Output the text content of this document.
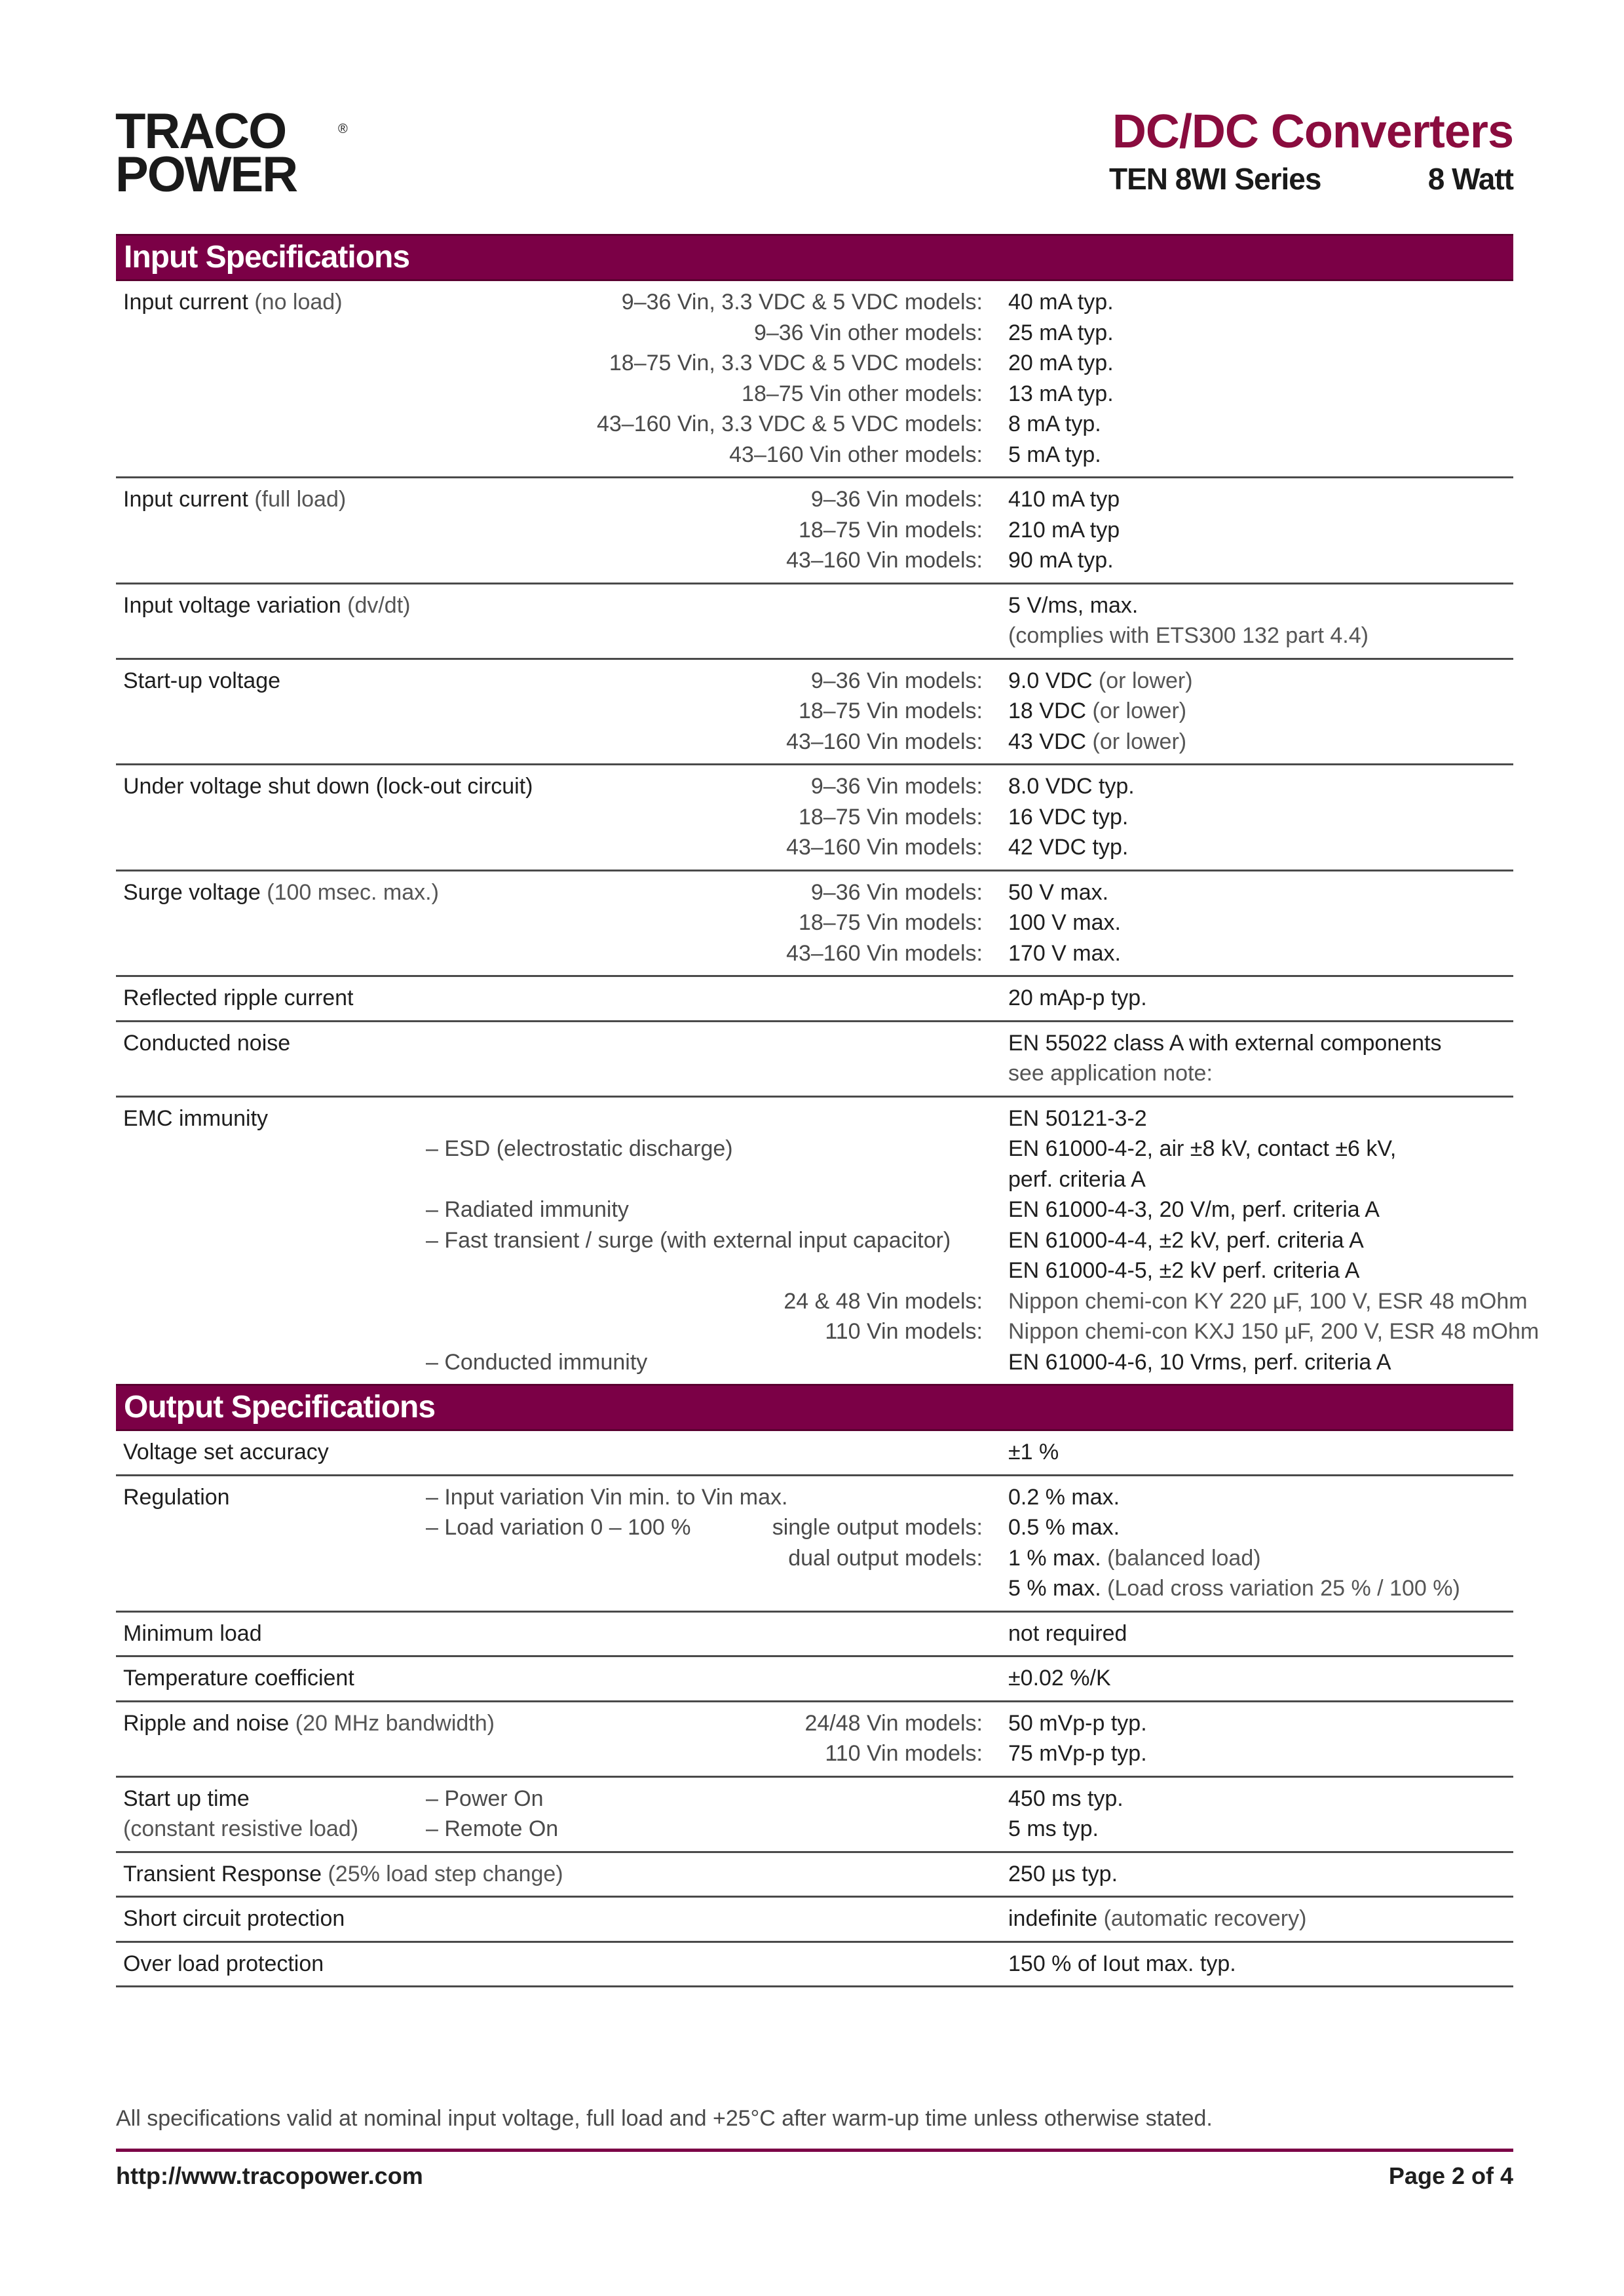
TRACO
POWER
®	DC/DC Converters
TEN 8WI Series	8 Watt
Input Specifications
Input current (no load)	9–36 Vin, 3.3 VDC & 5 VDC models: 40 mA typ.
9–36 Vin other models: 25 mA typ.
18–75 Vin, 3.3 VDC & 5 VDC models: 20 mA typ.
18–75 Vin other models: 13 mA typ.
43–160 Vin, 3.3 VDC & 5 VDC models: 8 mA typ.
43–160 Vin other models: 5 mA typ.
Input current (full load)	9–36 Vin models: 410 mA typ
18–75 Vin models: 210 mA typ
43–160 Vin models: 90 mA typ.
Input voltage variation (dv/dt)	5 V/ms, max.
(complies with ETS300 132 part 4.4)
Start-up voltage	9–36 Vin models: 9.0 VDC (or lower)
18–75 Vin models: 18 VDC (or lower)
43–160 Vin models: 43 VDC (or lower)
Under voltage shut down (lock-out circuit)	9–36 Vin models: 8.0 VDC typ.
18–75 Vin models: 16 VDC typ.
43–160 Vin models: 42 VDC typ.
Surge voltage (100 msec. max.)	9–36 Vin models: 50 V max.
18–75 Vin models: 100 V max.
43–160 Vin models: 170 V max.
Reflected ripple current	20 mAp-p typ.
Conducted noise	EN 55022 class A with external components
see application note:
EMC immunity	EN 50121-3-2
– ESD (electrostatic discharge)	EN 61000-4-2, air ±8 kV, contact ±6 kV,
perf. criteria A
– Radiated immunity	EN 61000-4-3, 20 V/m, perf. criteria A
– Fast transient / surge (with external input capacitor)	EN 61000-4-4, ±2 kV, perf. criteria A
EN 61000-4-5, ±2 kV perf. criteria A
24 & 48 Vin models: Nippon chemi-con KY 220 µF, 100 V, ESR 48 mOhm
110 Vin models: Nippon chemi-con KXJ 150 µF, 200 V, ESR 48 mOhm
– Conducted immunity	EN 61000-4-6, 10 Vrms, perf. criteria A
Output Specifications
Voltage set accuracy	±1 %
Regulation	– Input variation Vin min. to Vin max.	0.2 % max.
– Load variation 0 – 100 %	single output models: 0.5 % max.
dual output models: 1 % max. (balanced load)
5 % max. (Load cross variation 25 % / 100 %)
Minimum load	not required
Temperature coefficient	±0.02 %/K
Ripple and noise (20 MHz bandwidth)	24/48 Vin models: 50 mVp-p typ.
110 Vin models: 75 mVp-p typ.
Start up time	– Power On	450 ms typ.
(constant resistive load)	– Remote On	5 ms typ.
Transient Response (25% load step change)	250 µs typ.
Short circuit protection	indefinite (automatic recovery)
Over load protection	150 % of Iout max. typ.
All specifications valid at nominal input voltage, full load and +25°C after warm-up time unless otherwise stated.
http://www.tracopower.com	Page 2 of 4
